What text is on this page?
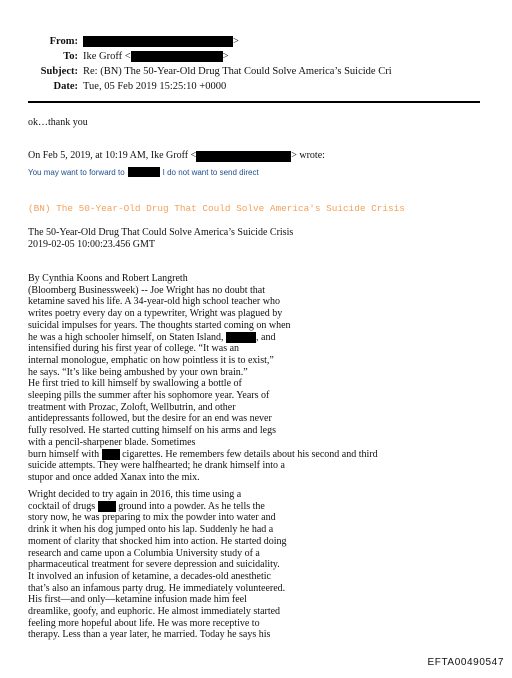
From:	>
To: Ike Groff <	>
Subject: Re: (BN) The 50-Year-Old Drug That Could Solve America’s Suicide Cri
Date: Tue, 05 Feb 2019 15:25:10 +0000
ok…thank you
On Feb 5, 2019, at 10:19 AM, Ike Groff <	> wrote:
You may want to forward to	I do not want to send direct
(BN) The 50-Year-Old Drug That Could Solve America's Suicide Crisis
The 50-Year-Old Drug That Could Solve America’s Suicide Crisis
2019-02-05 10:00:23.456 GMT
By Cynthia Koons and Robert Langreth
(Bloomberg Businessweek) -- Joe Wright has no doubt that
ketamine saved his life. A 34-year-old high school teacher who
writes poetry every day on a typewriter, Wright was plagued by
suicidal impulses for years. The thoughts started coming on when
he was a high schooler himself, on Staten Island,
	, and
intensified during his first year of college. “It was an
internal monologue, emphatic on how pointless it is to exist,”
he says. “It’s like being ambushed by your own brain.”
He first tried to kill himself by swallowing a bottle of
sleeping pills the summer after his sophomore year. Years of
treatment with Prozac, Zoloft, Wellbutrin, and other
antidepressants followed, but the desire for an end was never
fully resolved. He started cutting himself on his arms and legs
with a pencil-sharpener blade. Sometimes
burn himself with

cigarettes. He remembers few details about his second and third
suicide attempts. They were halfhearted; he drank himself into a
stupor and once added Xanax into the mix.
Wright decided to try again in 2016, this time using a
cocktail of drugs

ground into a powder. As he tells the
story now, he was preparing to mix the powder into water and
drink it when his dog jumped onto his lap. Suddenly he had a
moment of clarity that shocked him into action. He started doing
research and came upon a Columbia University study of a
pharmaceutical treatment for severe depression and suicidality.
It involved an infusion of ketamine, a decades-old anesthetic
that’s also an infamous party drug. He immediately volunteered.
His first—and only—ketamine infusion made him feel
dreamlike, goofy, and euphoric. He almost immediately started
feeling more hopeful about life. He was more receptive to
therapy. Less than a year later, he married. Today he says his
EFTA00490547
